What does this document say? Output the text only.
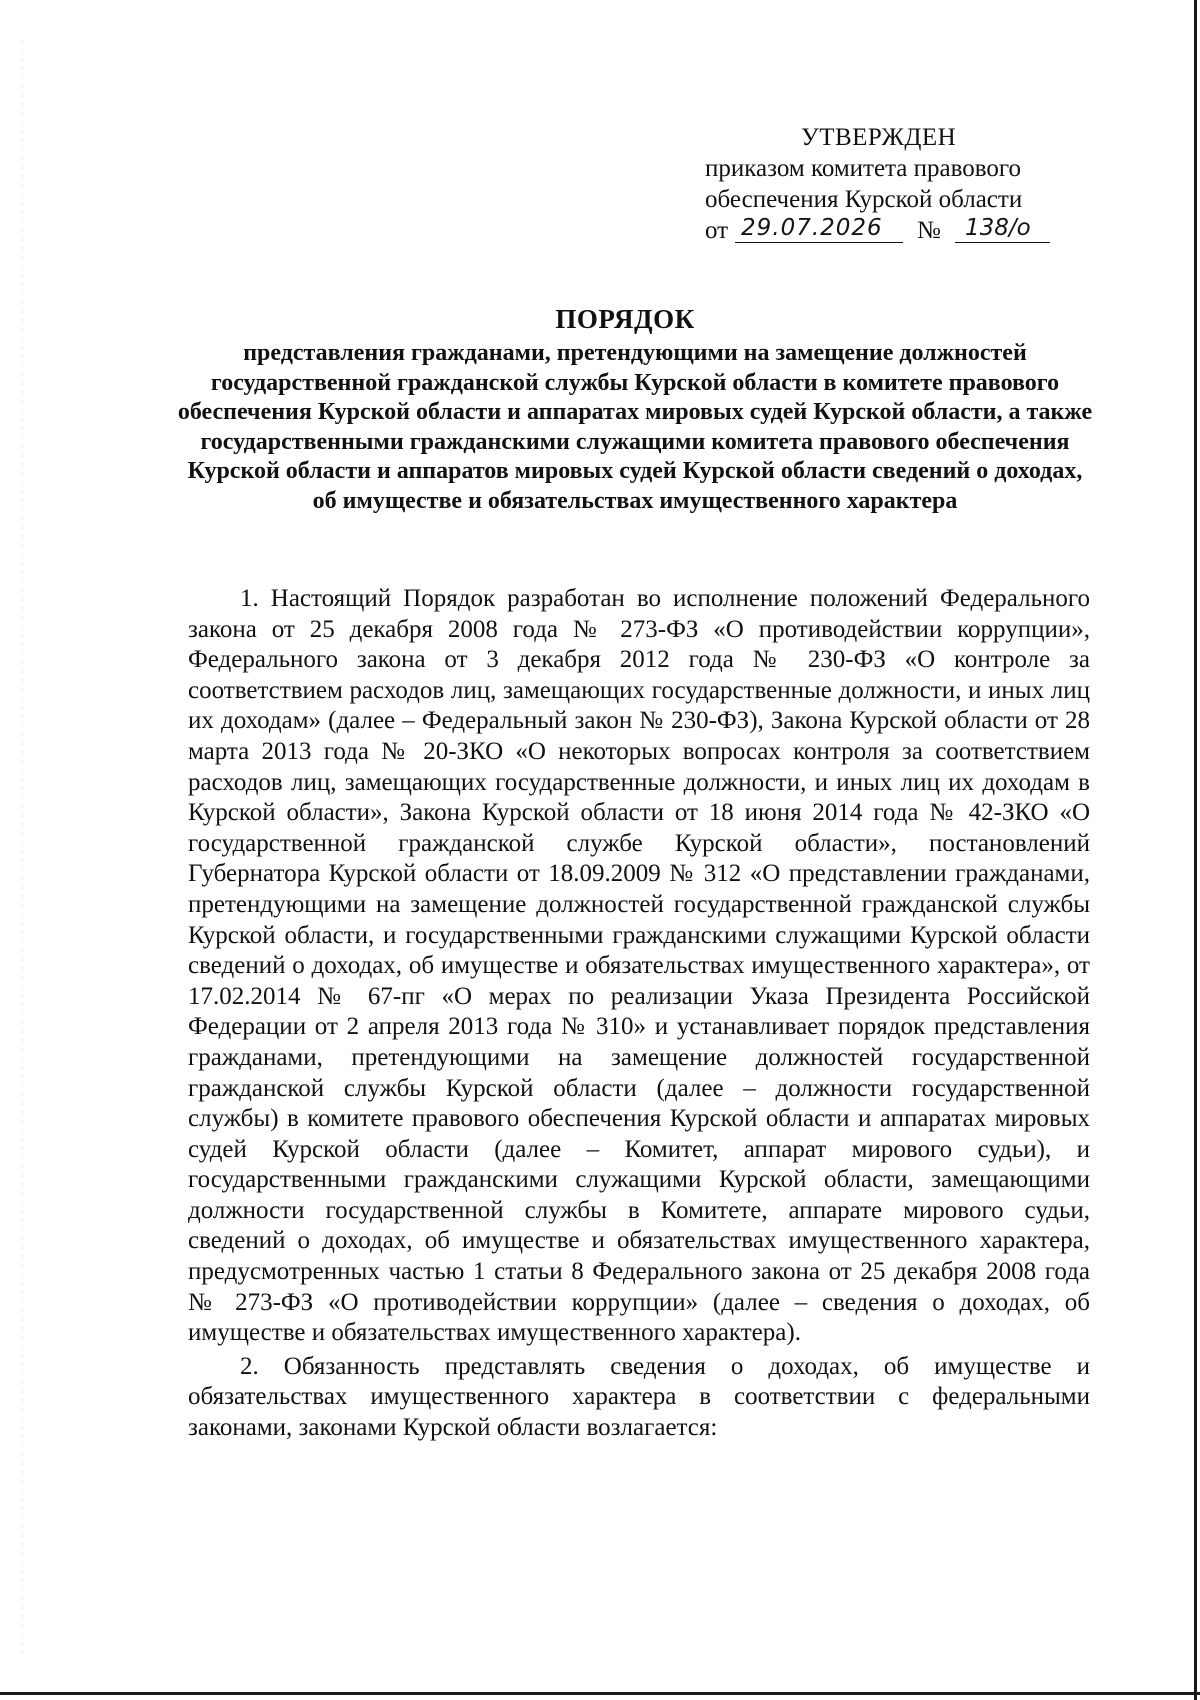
УТВЕРЖДЕН
приказом комитета правового
обеспечения Курской области
от 29.07.2026	№	138/о
ПОРЯДОК
представления гражданами, претендующими на замещение должностей государственной гражданской службы Курской области в комитете правового обеспечения Курской области и аппаратах мировых судей Курской области, а также государственными гражданскими служащими комитета правового обеспечения Курской области и аппаратов мировых судей Курской области сведений о доходах, об имуществе и обязательствах имущественного характера

1. Настоящий Порядок разработан во исполнение положений Федерального закона от 25 декабря 2008 года № 273-ФЗ «О противодействии коррупции», Федерального закона от 3 декабря 2012 года № 230-ФЗ «О контроле за соответствием расходов лиц, замещающих государственные должности, и иных лиц их доходам» (далее – Федеральный закон № 230-ФЗ), Закона Курской области от 28 марта 2013 года № 20-ЗКО «О некоторых вопросах контроля за соответствием расходов лиц, замещающих государственные должности, и иных лиц их доходам в Курской области», Закона Курской области от 18 июня 2014 года № 42-ЗКО «О государственной гражданской службе Курской области», постановлений Губернатора Курской области от 18.09.2009 № 312 «О представлении гражданами, претендующими на замещение должностей государственной гражданской службы Курской области, и государственными гражданскими служащими Курской области сведений о доходах, об имуществе и обязательствах имущественного характера», от 17.02.2014 № 67-пг «О мерах по реализации Указа Президента Российской Федерации от 2 апреля 2013 года № 310» и устанавливает порядок представления гражданами, претендующими на замещение должностей государственной гражданской службы Курской области (далее – должности государственной службы) в комитете правового обеспечения Курской области и аппаратах мировых судей Курской области (далее – Комитет, аппарат мирового судьи), и государственными гражданскими служащими Курской области, замещающими должности государственной службы в Комитете, аппарате мирового судьи, сведений о доходах, об имуществе и обязательствах имущественного характера, предусмотренных частью 1 статьи 8 Федерального закона от 25 декабря 2008 года № 273-ФЗ «О противодействии коррупции» (далее – сведения о доходах, об имуществе и обязательствах имущественного характера).

2. Обязанность представлять сведения о доходах, об имуществе и обязательствах имущественного характера в соответствии с федеральными законами, законами Курской области возлагается:
